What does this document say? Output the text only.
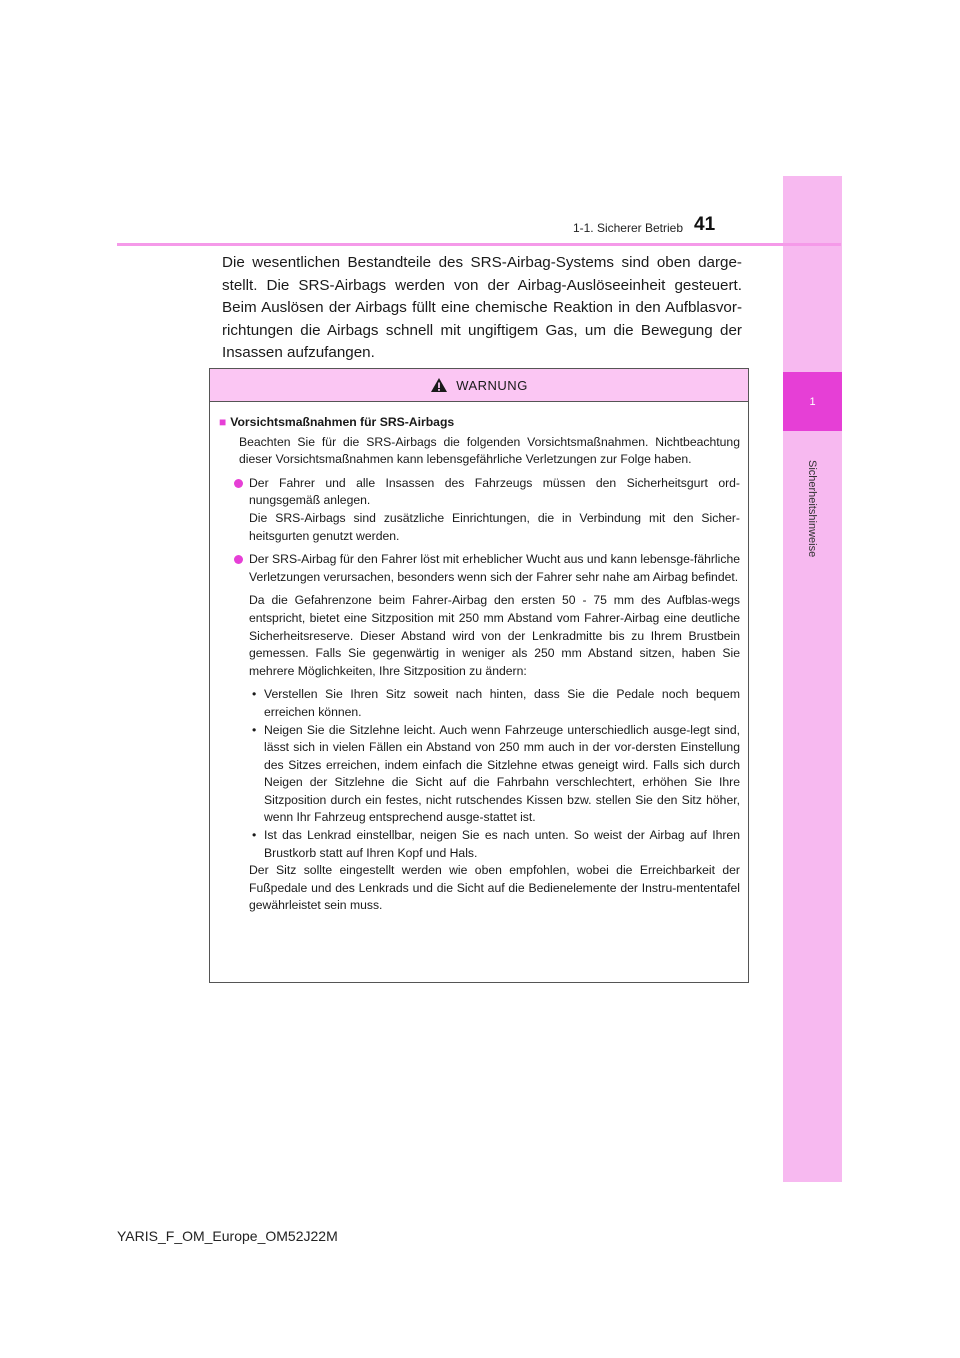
1
Sicherheitshinweise
1-1. Sicherer Betrieb 41
Die wesentlichen Bestandteile des SRS-Airbag-Systems sind oben darge-stellt. Die SRS-Airbags werden von der Airbag-Auslöseeinheit gesteuert. Beim Auslösen der Airbags füllt eine chemische Reaktion in den Aufblasvor-richtungen die Airbags schnell mit ungiftigem Gas, um die Bewegung der Insassen aufzufangen.
WARNUNG
■ Vorsichtsmaßnahmen für SRS-Airbags
Beachten Sie für die SRS-Airbags die folgenden Vorsichtsmaßnahmen. Nichtbeachtung dieser Vorsichtsmaßnahmen kann lebensgefährliche Verletzungen zur Folge haben.
Der Fahrer und alle Insassen des Fahrzeugs müssen den Sicherheitsgurt ord-nungsgemäß anlegen.
Die SRS-Airbags sind zusätzliche Einrichtungen, die in Verbindung mit den Sicher-heitsgurten genutzt werden.
Der SRS-Airbag für den Fahrer löst mit erheblicher Wucht aus und kann lebensge-fährliche Verletzungen verursachen, besonders wenn sich der Fahrer sehr nahe am Airbag befindet.
Da die Gefahrenzone beim Fahrer-Airbag den ersten 50 - 75 mm des Aufblas-wegs entspricht, bietet eine Sitzposition mit 250 mm Abstand vom Fahrer-Airbag eine deutliche Sicherheitsreserve. Dieser Abstand wird von der Lenkradmitte bis zu Ihrem Brustbein gemessen. Falls Sie gegenwärtig in weniger als 250 mm Abstand sitzen, haben Sie mehrere Möglichkeiten, Ihre Sitzposition zu ändern:
• Verstellen Sie Ihren Sitz soweit nach hinten, dass Sie die Pedale noch bequem erreichen können.
• Neigen Sie die Sitzlehne leicht. Auch wenn Fahrzeuge unterschiedlich ausge-legt sind, lässt sich in vielen Fällen ein Abstand von 250 mm auch in der vor-dersten Einstellung des Sitzes erreichen, indem einfach die Sitzlehne etwas geneigt wird. Falls sich durch Neigen der Sitzlehne die Sicht auf die Fahrbahn verschlechtert, erhöhen Sie Ihre Sitzposition durch ein festes, nicht rutschendes Kissen bzw. stellen Sie den Sitz höher, wenn Ihr Fahrzeug entsprechend ausge-stattet ist.
• Ist das Lenkrad einstellbar, neigen Sie es nach unten. So weist der Airbag auf Ihren Brustkorb statt auf Ihren Kopf und Hals.
Der Sitz sollte eingestellt werden wie oben empfohlen, wobei die Erreichbarkeit der Fußpedale und des Lenkrads und die Sicht auf die Bedienelemente der Instru-mententafel gewährleistet sein muss.
YARIS_F_OM_Europe_OM52J22M
